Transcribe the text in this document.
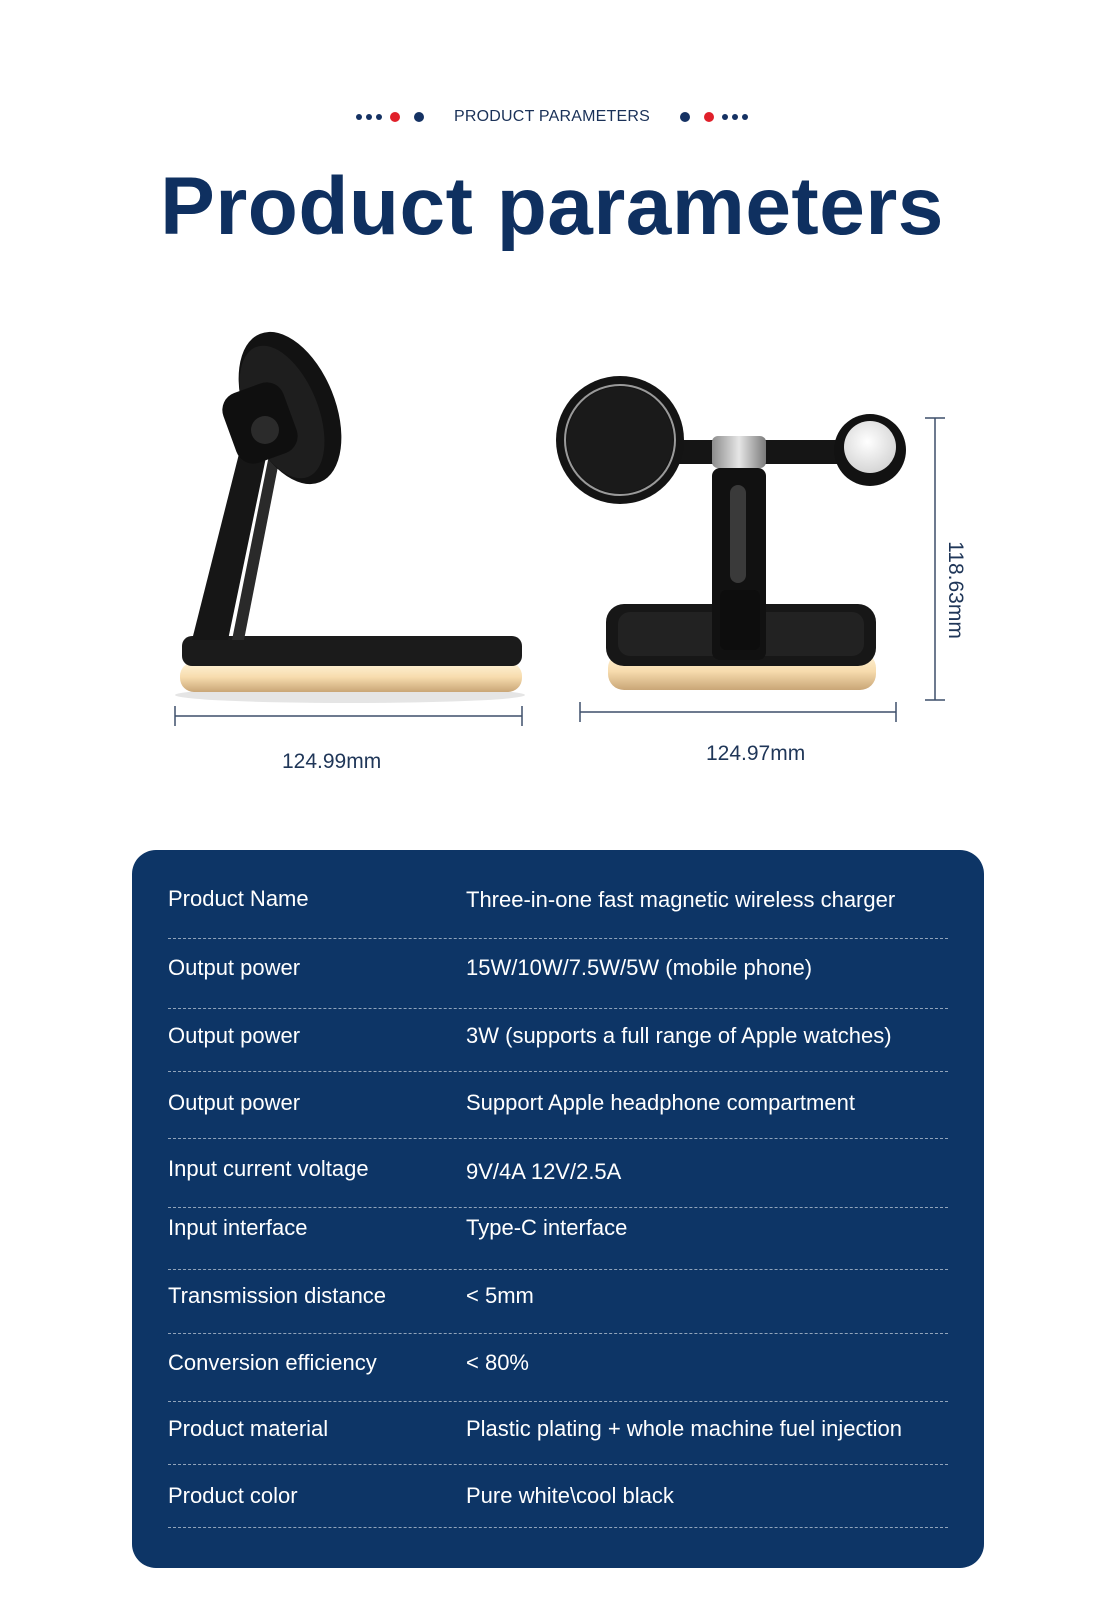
PRODUCT PARAMETERS
Product parameters
124.99mm	124.97mm
118.63mm
Product Name	Three-in-one fast magnetic wireless charger
Output power	15W/10W/7.5W/5W (mobile phone)
Output power	3W (supports a full range of Apple watches)
Output power	Support Apple headphone compartment
Input current voltage	9V/4A 12V/2.5A
Input interface	Type-C interface
Transmission distance	< 5mm
Conversion efficiency	< 80%
Product material	Plastic plating + whole machine fuel injection
Product color	Pure white\cool black
